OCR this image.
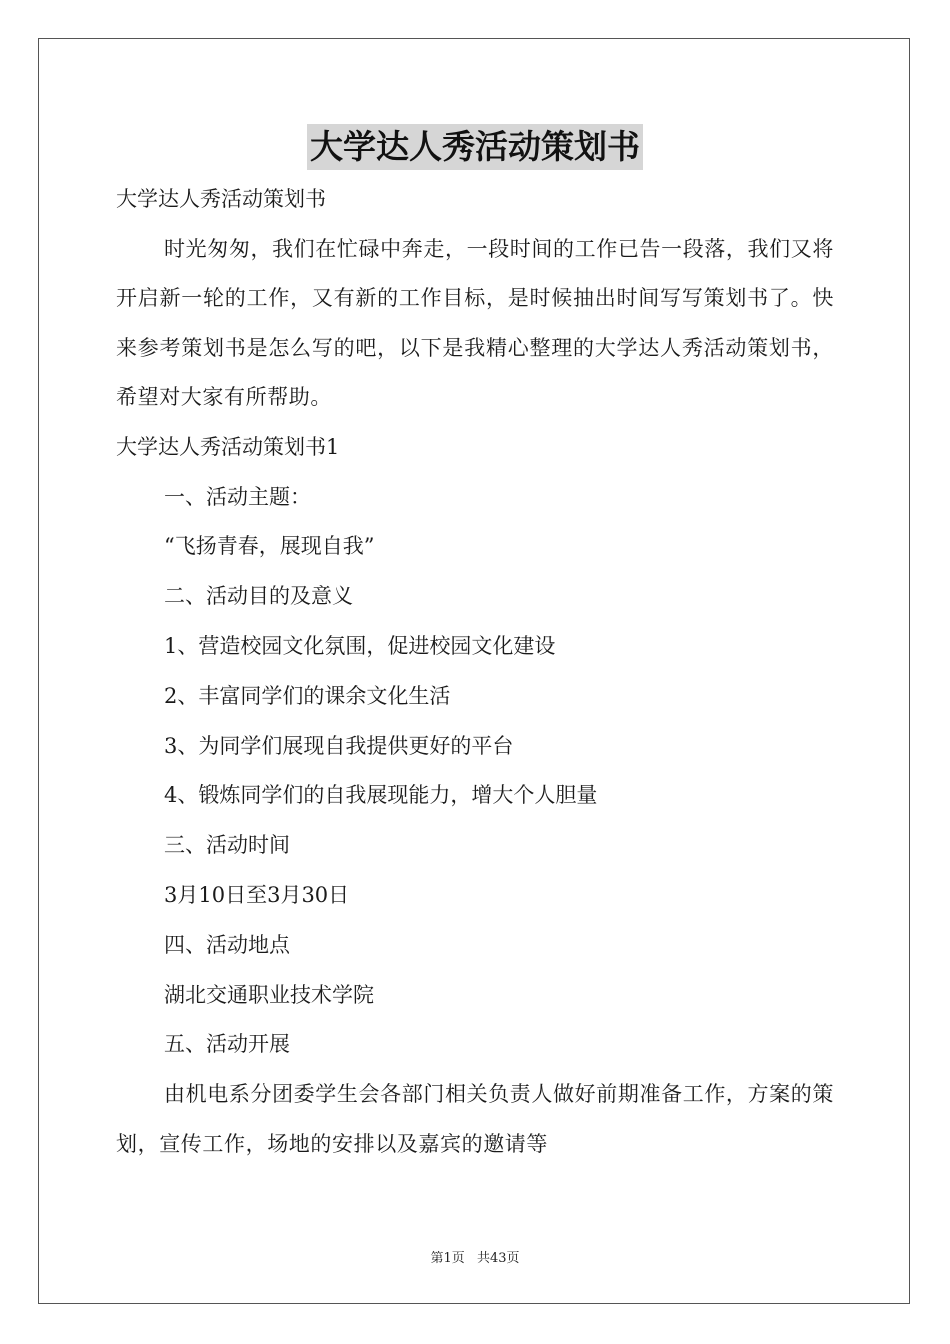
大学达人秀活动策划书

大学达人秀活动策划书

时光匆匆，我们在忙碌中奔走，一段时间的工作已告一段落，我们又将开启新一轮的工作，又有新的工作目标，是时候抽出时间写写策划书了。快来参考策划书是怎么写的吧，以下是我精心整理的大学达人秀活动策划书，希望对大家有所帮助。

大学达人秀活动策划书1

一、活动主题：

“飞扬青春，展现自我”

二、活动目的及意义

1、营造校园文化氛围，促进校园文化建设

2、丰富同学们的课余文化生活

3、为同学们展现自我提供更好的平台

4、锻炼同学们的自我展现能力，增大个人胆量

三、活动时间

3月10日至3月30日

四、活动地点

湖北交通职业技术学院

五、活动开展

由机电系分团委学生会各部门相关负责人做好前期准备工作，方案的策划，宣传工作，场地的安排以及嘉宾的邀请等

第1页 共43页
